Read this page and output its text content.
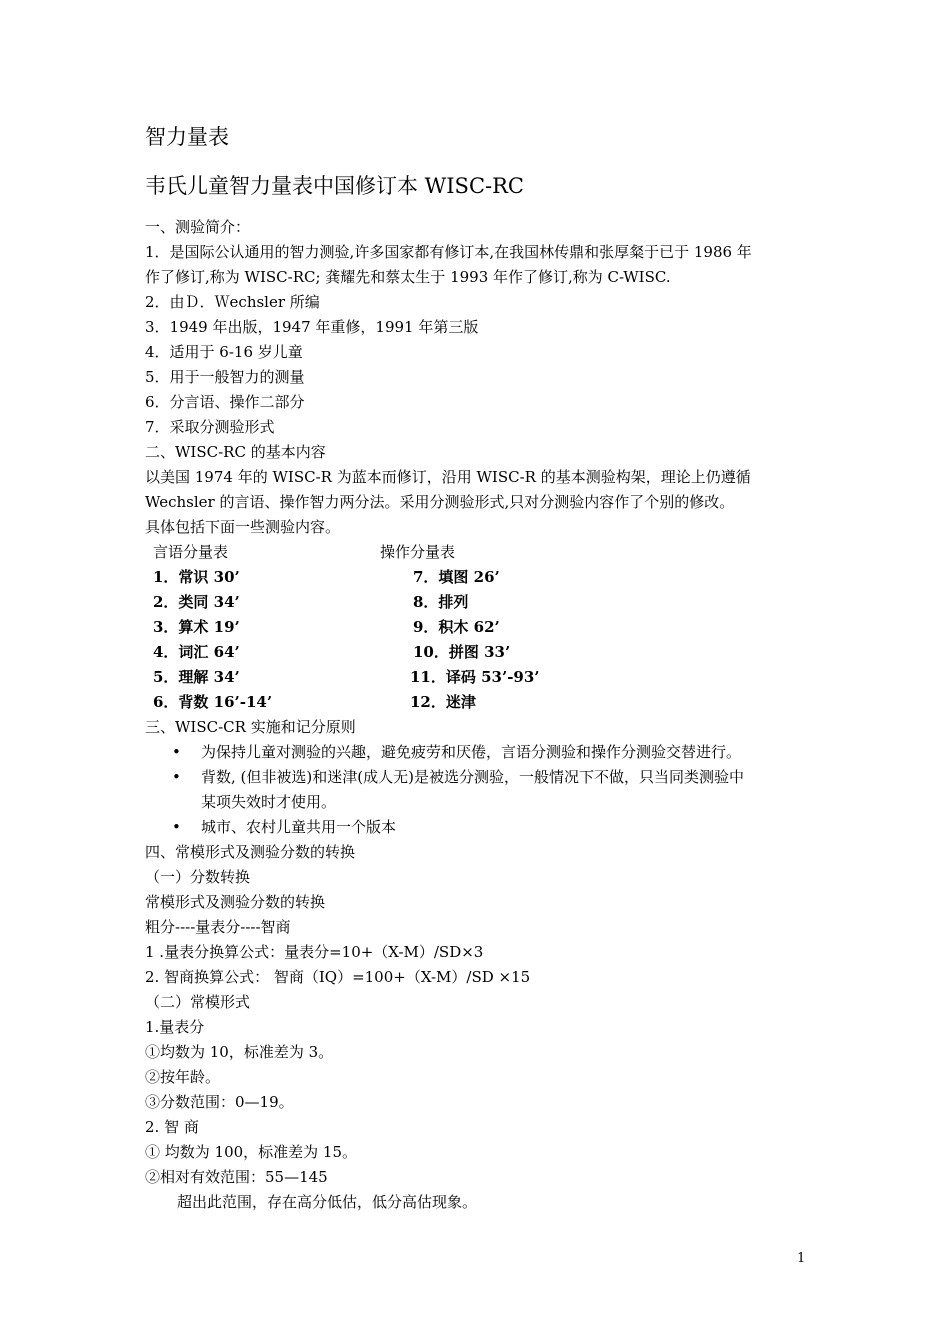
智力量表
韦氏儿童智力量表中国修订本 WISC-RC
一、测验简介：
1．是国际公认通用的智力测验,许多国家都有修订本,在我国林传鼎和张厚粲于已于 1986 年
作了修订,称为 WISC-RC; 龚耀先和蔡太生于 1993 年作了修订,称为 C-WISC.
2．由Ｄ．Ｗechsler 所编
3．1949 年出版，1947 年重修，1991 年第三版
4．适用于 6-16 岁儿童
5．用于一般智力的测量
6．分言语、操作二部分
7．采取分测验形式
二、WISC-RC 的基本内容
以美国 1974 年的 WISC-R 为蓝本而修订，沿用 WISC-R 的基本测验构架，理论上仍遵循
Wechsler 的言语、操作智力两分法。采用分测验形式,只对分测验内容作了个别的修改。
具体包括下面一些测验内容。
言语分量表	操作分量表
1．常识 30’
2．类同 34’
3．算术 19’
4．词汇 64’
5．理解 34’
6．背数 16’-14’
7．填图 26’
8．排列
9．积木 62’
10．拼图 33’
11．译码 53’-93’
12．迷津
三、WISC-CR 实施和记分原则
• 为保持儿童对测验的兴趣，避免疲劳和厌倦，言语分测验和操作分测验交替进行。
• 背数, (但非被选)和迷津(成人无)是被选分测验，一般情况下不做，只当同类测验中
某项失效时才使用。
• 城市、农村儿童共用一个版本
四、常模形式及测验分数的转换
（一）分数转换
常模形式及测验分数的转换
粗分----量表分----智商
1 .量表分换算公式：量表分=10+（X-M）/SD×3
2. 智商换算公式： 智商（IQ）=100+（X-M）/SD ×15
（二）常模形式
1.量表分
①均数为 10，标准差为 3。
②按年龄。
③分数范围：0—19。
2. 智 商
① 均数为 100，标准差为 15。
②相对有效范围：55—145
超出此范围，存在高分低估，低分高估现象。
1
